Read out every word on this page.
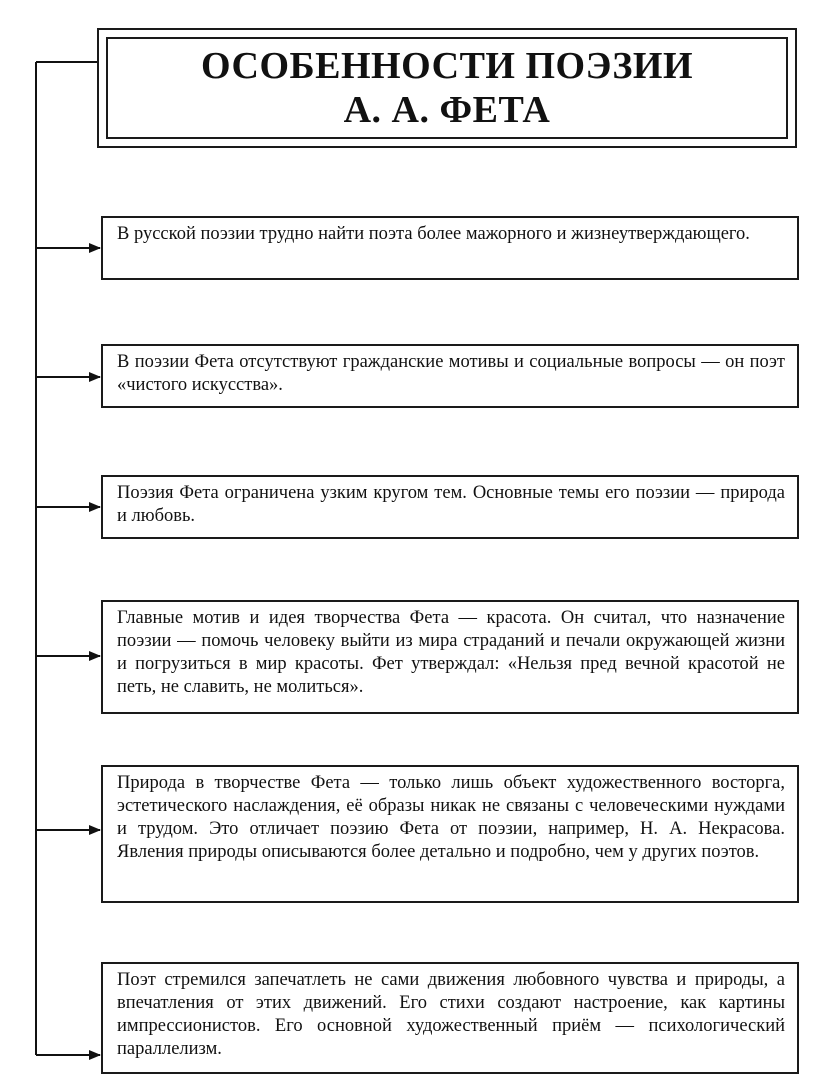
ОСОБЕННОСТИ ПОЭЗИИ
А. А. ФЕТА
В русской поэзии трудно найти поэта более мажорного и жизнеутверждающего.
В поэзии Фета отсутствуют гражданские мотивы и социальные вопросы — он поэт «чистого искусства».
Поэзия Фета ограничена узким кругом тем. Основные темы его поэзии — природа и любовь.
Главные мотив и идея творчества Фета — красота. Он считал, что назначение поэзии — помочь человеку выйти из мира страданий и печали окружающей жизни и погрузиться в мир красоты. Фет утверждал: «Нельзя пред вечной красотой не петь, не славить, не молиться».
Природа в творчестве Фета — только лишь объект художественного восторга, эстетического наслаждения, её образы никак не связаны с человеческими нуждами и трудом. Это отличает поэзию Фета от поэзии, например, Н. А. Некрасова. Явления природы описываются более детально и подробно, чем у других поэтов.
Поэт стремился запечатлеть не сами движения любовного чувства и природы, а впечатления от этих движений. Его стихи создают настроение, как картины импрессионистов. Его основной художественный приём — психологический параллелизм.
